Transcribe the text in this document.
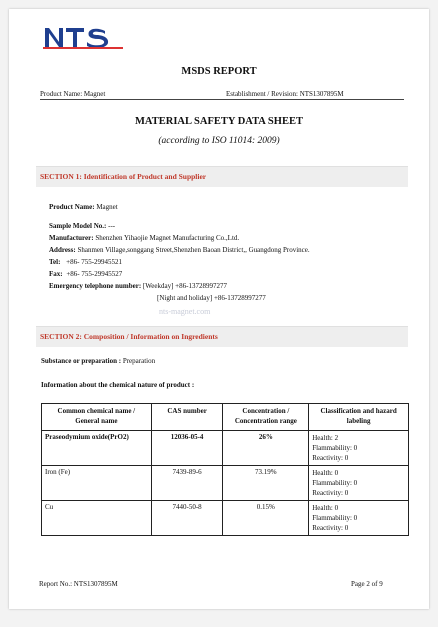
MSDS REPORT
Product Name: Magnet	Establishment / Revision: NTS1307895M
MATERIAL SAFETY DATA SHEET
(according to ISO 11014: 2009)
SECTION 1: Identification of Product and Supplier
Product Name: Magnet
Sample Model No.: ---
Manufacturer: Shenzhen Yihaojie Magnet Manufacturing Co.,Ltd.
Address: Shanmen Village,songgang Street,Shenzhen Baoan District,, Guangdong Province.
Tel: +86- 755-29945521
Fax: +86- 755-29945527
Emergency telephone number: [Weekday] +86-13728997277
[Night and holiday] +86-13728997277
nts-magnet.com
SECTION 2: Composition / Information on Ingredients
Substance or preparation : Preparation
Information about the chemical nature of product :
Common chemical name / General name	CAS number	Concentration / Concentration range	Classification and hazard labeling
Praseodymium oxide(PrO2)	12036-05-4	26%	Health: 2
Flammability: 0
Reactivity: 0

Iron (Fe)	7439-89-6	73.19%	Health: 0
Flammability: 0
Reactivity: 0

Cu	7440-50-8	0.15%	Health: 0
Flammability: 0
Reactivity: 0
Report No.: NTS1307895M	Page 2 of 9
